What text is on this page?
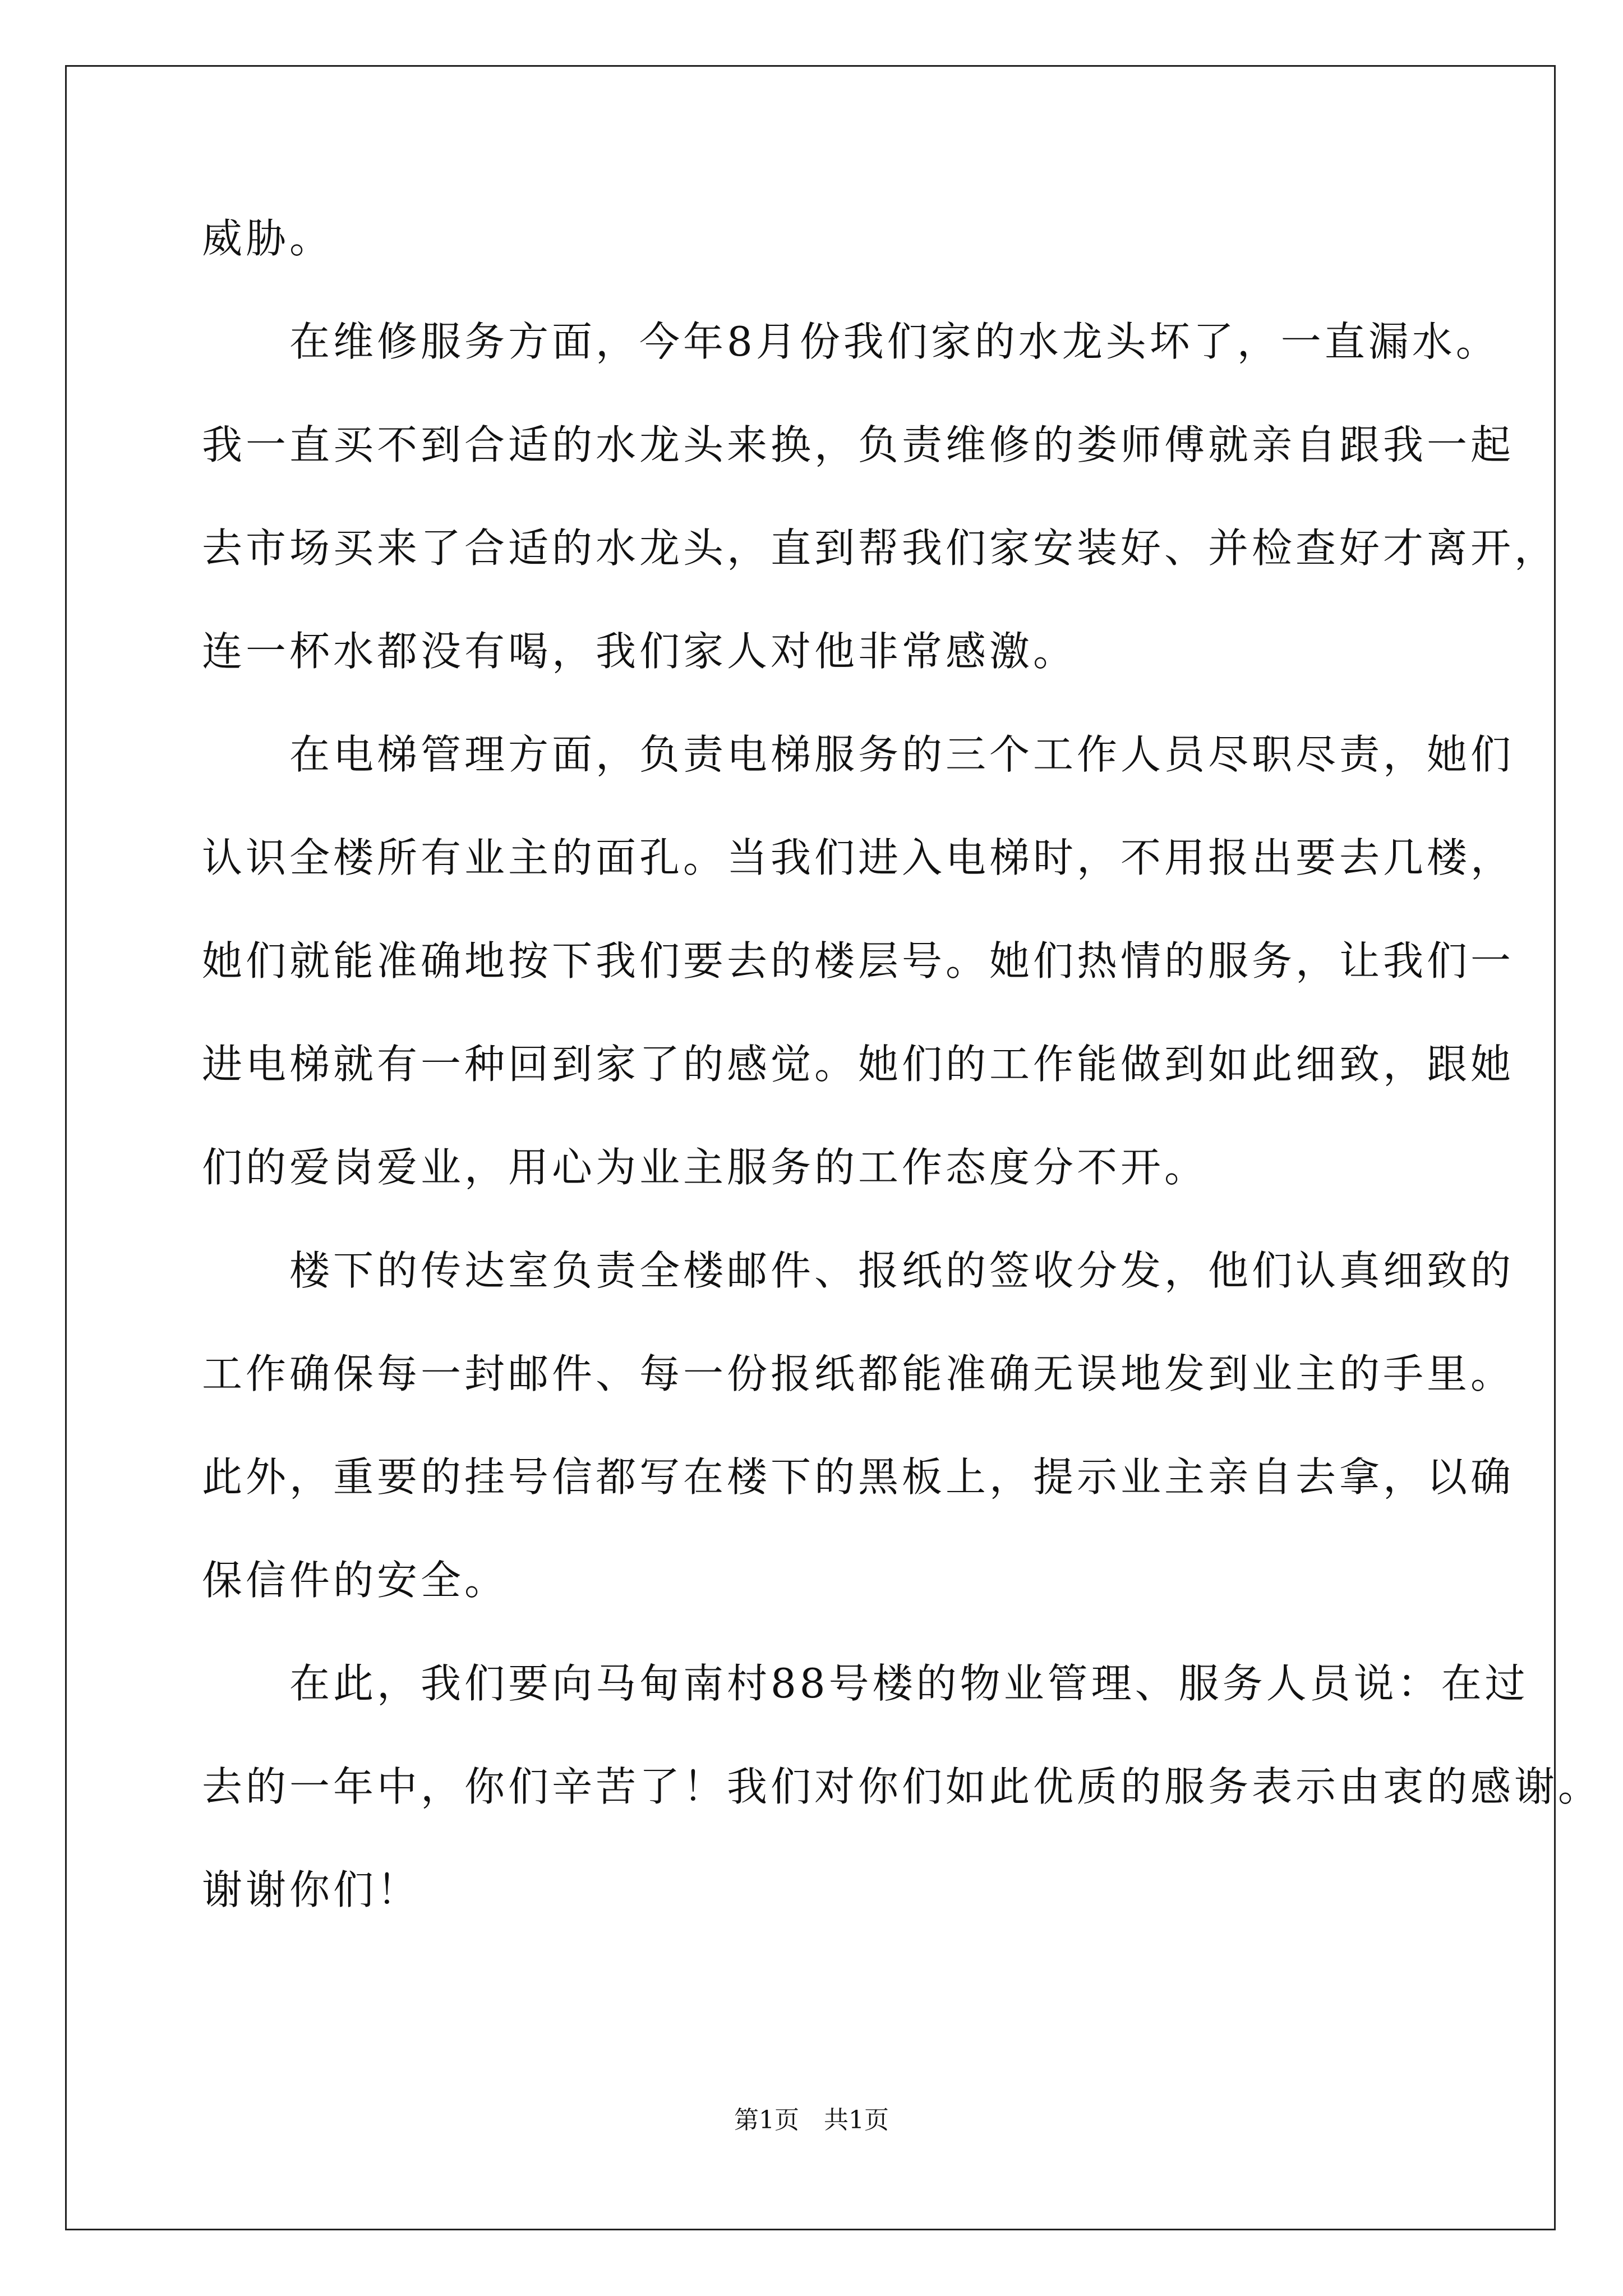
威胁。
　　在维修服务方面，今年8月份我们家的水龙头坏了，一直漏水。
我一直买不到合适的水龙头来换，负责维修的娄师傅就亲自跟我一起
去市场买来了合适的水龙头，直到帮我们家安装好、并检查好才离开，
连一杯水都没有喝，我们家人对他非常感激。
　　在电梯管理方面，负责电梯服务的三个工作人员尽职尽责，她们
认识全楼所有业主的面孔。当我们进入电梯时，不用报出要去几楼，
她们就能准确地按下我们要去的楼层号。她们热情的服务，让我们一
进电梯就有一种回到家了的感觉。她们的工作能做到如此细致，跟她
们的爱岗爱业，用心为业主服务的工作态度分不开。
　　楼下的传达室负责全楼邮件、报纸的签收分发，他们认真细致的
工作确保每一封邮件、每一份报纸都能准确无误地发到业主的手里。
此外，重要的挂号信都写在楼下的黑板上，提示业主亲自去拿，以确
保信件的安全。
　　在此，我们要向马甸南村88号楼的物业管理、服务人员说：在过
去的一年中，你们辛苦了！我们对你们如此优质的服务表示由衷的感谢。
谢谢你们！
第1页　共1页
